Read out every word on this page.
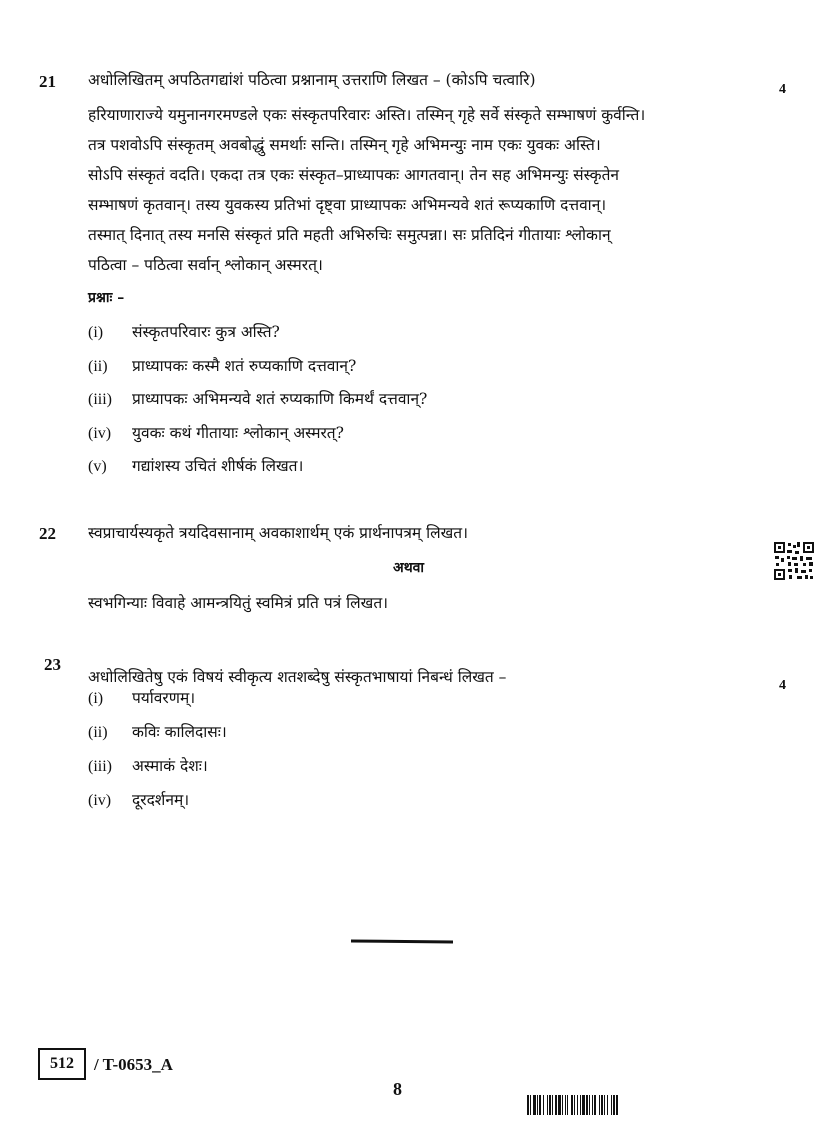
21 अधोलिखितम् अपठितगद्यांशं पठित्वा प्रश्नानाम् उत्तराणि लिखत – (कोऽपि चत्वारि)
4
हरियाणाराज्ये यमुनानगरमण्डले एकः संस्कृतपरिवारः अस्ति। तस्मिन् गृहे सर्वे संस्कृते सम्भाषणं कुर्वन्ति।
तत्र पशवोऽपि संस्कृतम् अवबोद्धुं समर्थाः सन्ति। तस्मिन् गृहे अभिमन्युः नाम एकः युवकः अस्ति।
सोऽपि संस्कृतं वदति। एकदा तत्र एकः संस्कृत–प्राध्यापकः आगतवान्। तेन सह अभिमन्युः संस्कृतेन
सम्भाषणं कृतवान्। तस्य युवकस्य प्रतिभां दृष्ट्वा प्राध्यापकः अभिमन्यवे शतं रूप्यकाणि दत्तवान्।
तस्मात् दिनात् तस्य मनसि संस्कृतं प्रति महती अभिरुचिः समुत्पन्ना। सः प्रतिदिनं गीतायाः श्लोकान्
पठित्वा – पठित्वा सर्वान् श्लोकान् अस्मरत्।
प्रश्नाः –
(i) संस्कृतपरिवारः कुत्र अस्ति?
(ii) प्राध्यापकः कस्मै शतं रुप्यकाणि दत्तवान्?
(iii) प्राध्यापकः अभिमन्यवे शतं रुप्यकाणि किमर्थं दत्तवान्?
(iv) युवकः कथं गीतायाः श्लोकान् अस्मरत्?
(v) गद्यांशस्य उचितं शीर्षकं लिखत।
22 स्वप्राचार्यस्यकृते त्रयदिवसानाम् अवकाशार्थम् एकं प्रार्थनापत्रम् लिखत।
अथवा
स्वभगिन्याः विवाहे आमन्त्रयितुं स्वमित्रं प्रति पत्रं लिखत।
23
अधोलिखितेषु एकं विषयं स्वीकृत्य शतशब्देषु संस्कृतभाषायां निबन्धं लिखत –	4
(i) पर्यावरणम्।
(ii) कविः कालिदासः।
(iii) अस्माकं देशः।
(iv) दूरदर्शनम्।
512	/ T-0653_A
8
